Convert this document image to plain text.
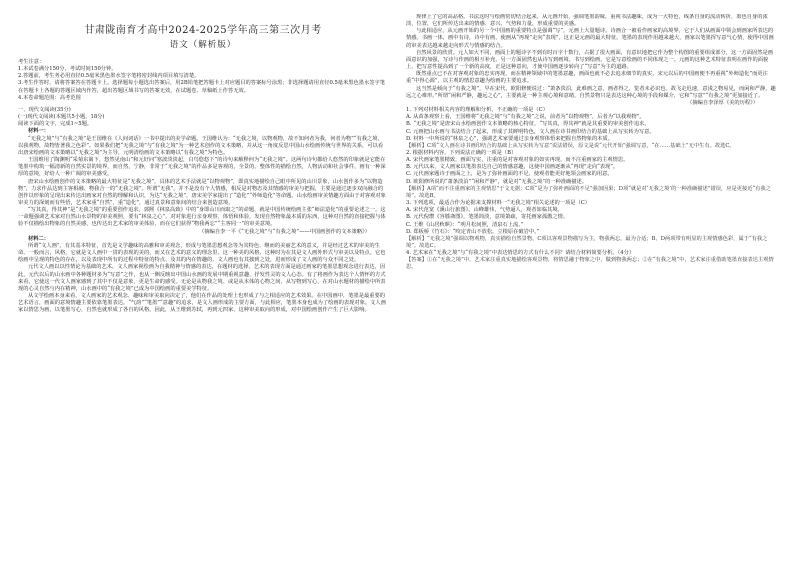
甘肃陇南育才高中2024-2025学年高三第三次月考
语文（解析版）

考生注意：

1.本试卷满分150分，考试时间150分钟。

2.答题前，考生务必用直径0.5毫米黑色墨水签字笔将密封线内项目填写清楚。

3.考生作答时，请将答案答在答题卡上。选择题每小题选出答案后，用2B铅笔把答题卡上对应题目的答案标号涂黑；非选择题请用直径0.5毫米黑色墨水签字笔在答题卡上各题的答题区域内作答，超出答题区域书写的答案无效，在试题卷、草稿纸上作答无效。

4.本卷命题范围：高考范围

一、现代文阅读(35分)

(一)现代文阅读(本题共5小题，18分)

阅读下面的文字，完成1~5题。

材料一：

“无我之境”与“有我之境”是王国维在《人间词话》一书中提出的美学命题。王国维认为：“无我之境，以物观物，故不知何者为我，何者为物”“有我之境，以我观物，故物皆著我之色彩”。如果我们把“无我之境”与“有我之境”为一种艺术创作的文本策略，并从这一角度反思中国山水绘画传统与世界的关系，可以看出唐宋绘画的文本策略以“无我之境”为主导，元明清绘画的文本策略以“有我之境”为特色。

王国维用了陶渊明“采菊东篱下，悠然见南山”和元好问“寒波淡淡起，白鸟悠悠下”的诗句来解释何为“无我之境”。这两句诗句都给人悠然的印象就是它能在笔墨中构筑一幅清新的自然实景的境界，而自然，宁静，非常于“无我之境”的作品多是客观的，全景的、整体性的描绘自然，人物活动和社会事件，画有一种深厚的意境，好给人一种广阔的审美感受。

唐宋山水绘画创作的文本策略的最大特征是“无我之境”，具体的艺术手法就是“以物观物”，即真实地描绘自己眼中所见的山川景象，山水创作多为“以物造物”，力求作品达到主客相融、物我合一的“无我之境”。所谓“无我”，并不是没有个人情感，相反是对物态及其情感的审美与把握，主要是通过逐步双向融合的创作以形象的呈现出来传达出画家对自然的理解和认识，为达“无我之境”，唐宋美学家提出了“造化”“外师造化”等命题。山水绘画审美情趣方面由于对客观对象审美力的深刻而有些悟，艺术家重“自然”，重“造化”，通过真景和意象间的结合来创造意境。

“写其真，得其神”是“无我之境”的重要创作追求。郭熙《林泉高致》中的“身即山川而取之”的命题，就是中国传统绘画主张“师法造化”的重要论述之一。这一命题强调艺术家对自然山水景物的审美观照，要有“林泉之心”，对对象进行亲身观察、体悟和体验，发现自然物象最本质的东西，这种对自然的直接把握与体验不仅描绘出物象的自然美感，也传达出艺术家的审美体验，而在它们获得“物我两忘”“主客同一”的审美意境。

（摘编自李一平《“无我之境”与“有我之境”——中国画创作的文本策略》）

材料二：

所谓“文人画”，有其基本特征，首先是文学趣味的高雅和审美观念，形成与笔墨思想观念等为其特色、继而的美丽艺术的意义，并是经过艺术的审美的生命、一般而言，风格，它就是文人画中一贯的表现的美的，而又在艺术的意义的理念里、这一种美的风格、这种时为在其是文人画外形式与审美以及特点。它也绘画中呈现的特色的存在，以及表现中所有的过程中特征的特点、及其的内在情趣的、文人画也有其独到之处，进而形成了文人画的与众不同之处。

元代文人画以以性情论为基础的艺术，文人画家视绘画为自我精神与情感的表达，在题材的选择、艺术的表现方面是通过画家的笔墨思想观念进行表达，因此，元代以后的山水画中各种题材多为“写意”之作，也从一侧反映出中国山水画的发展中期重视意趣、抒发性灵的文人心态。有了将画作为表达个人情怀的方式来看，它使这一代文人画家感到了其中不仅是意象，更是生命的感受。无论是从物我之境、或是从本体的心物之间，从写物到写心，在对山水题材的描绘中所表现的心灵自然与内在精神，山水画中的“有我之境”已成为中国绘画的重要美学特征。

从文学绘画本身来看，文人画家的艺术观念、趣味和审美取向决定了，他们在作品的处理上也形成了与之相适应的艺术效果。在中国画中，笔墨是最重要的艺术语言，画面的意境情趣主要依靠笔墨表达。“气韵”“笔墨”“意趣”的追求，是文人画形成的主要方面，与此相应，笔墨本身也成为了绘画的表现对象。文人画家以情思为画，以笔墨写心，自然也就形成了各自的风格。因此，从王维到苏轼，再到元四家，这种审美取向的形成，对中国绘画创作产生了巨大影响。

规律上了它的高品格。书法这时与绘画密切结合起来，从元画开始，强调笔墨韵味，重视书法趣味，成为一大特色，线条自身的流动转折，墨色自身的浓淡，位置，它们所传达出来的情感、意兴、气势和力量，形成重要的美感。

与此相适应，从元画开始的另一个中国画的重要特点是强调“写”，元画上大量题诗。诗画合一被看作画家的高境界，它于人们从画面中领会到画家所表达的情感。书画一体，画中有诗，诗中有画，使画从“再现”走向“表现”，这正是元画的最大特征。笔墨的表现作用越来越大，画家以笔墨挥写意气心情，使得中国画的审美表达越来越走向形式与情感的结合。

自然风景的欣赏。元人如大不同，画面上的题诗字不到有时百字十数行，占据了很大画面，有意识地把它作为整个构图的重要组成部分，这一方面固然是画面意识的加强，写诗与作画的相互补充，另一方面固然也从诗写到画境、书写到绘画，它是写意绘画的不同体现之一。元画的这种艺术特征表明在画作的面貌上，把写意性提高到了一个新的高度，正是这种意向，才使中国画逐步转向了“写意”为主的道路。

既然重点已不在对客观对象的忠实再现，而在精神领域中的笔墨意趣，画面也就不必去追求细节的真实，宋元以后的中国画便不再重视“外师造化”而更注重“中得心源”，以主观的情思意趣为绘画的主要追求。

这当然是倾向于“有我之境”，早在宋代，欧阳修便说过：“萧条淡泊，此难画之意，画者得之，览者未必识也。故飞走迟速，意浅之物易见，而闲和严静，趣远之心难形。”所谓“闲和严静，趣远之心”，主要就是一种主观心境和意绪，自然景物只是表达这种心境的手段和媒介，它和“写意”“有我之境”更加接近了。

（摘编自李泽厚《美的历程》）

1. 下列对材料相关内容的理解和分析，不正确的一项是（C）

A. 从苗条观察上看，王国维将“无我之境”与“有我之境”之说，前者为“以物观物”，后者为“以我观物”。

B. “无我之境”是唐宋山水绘画创作文本策略的核心特征，“写其真，得其神”就是其重要的审美创作追求。

C. 元画把山水画与书法结合了起来，形成了其鲜明特色，文人画在诗书画印结合的基础上从写实转为写意。

D. 材料一中所说的“林泉之心”，强调艺术家要通过亲身观察体悟来把握自然物象的本质。

【解析】C项“文人画在诗书画印结合的基础上从写实转为写意”说法错误，原文是说“元代开始”强调写意，“在……基础上”无中生有。故选C。

2. 根据材料内容，下列说法正确的一项是（B）

A. 宋代画家笔墨精致，画面写实，注重的是对客观对象的如实再现，而不注重画家的主观情思。

B. 元代以来，文人画家以笔墨表达自己的情感意趣，这使中国画逐渐从“再现”走向“表现”。

C. 元代画家题诗于画面之上，是为了弥补画面的不足，使观者能更好地领会画家的用意。

D. 欧阳修所说的“萧条淡泊”“闲和严静”，就是对“无我之境”的一种准确描述。

【解析】A项“而不注重画家的主观情思”于文无据；C项“是为了弥补画面的不足”强加因果；D项“就是对‘无我之境’的一种准确描述”错误，应是更接近“有我之境”。故选B。

3. 下列选项，最适合作为论据来支撑材料一“无我之境”相关论述的一项是（C）

A. 宋代范宽《溪山行旅图》，山峰雄伟，气势逼人，观者如临其境。

B. 元代倪瓒《容膝斋图》，笔墨简淡，意境萧疏，寄托画家孤傲之情。

C. 王维《山居秋暝》：“明月松间照，清泉石上流。”

D. 郑板桥《竹石》：“咬定青山不放松，立根原在破岩中。”

【解析】“无我之境”强调以物观物，真实描绘自然景物，C项以客观景物描写为主，物我两忘，最为合适；B、D两项带有明显的主观情感色彩，属于“有我之境”。故选C。

4. 艺术家在“无我之境”与“有我之境”中表达情思的方式有什么不同？请结合材料简要分析。（4分）

【答案】①在“无我之境”中，艺术家注重真实地描绘客观景物，将情思融于物象之中，做到物我两忘；②在“有我之境”中，艺术家注重借助笔墨直接表达主观情思。
